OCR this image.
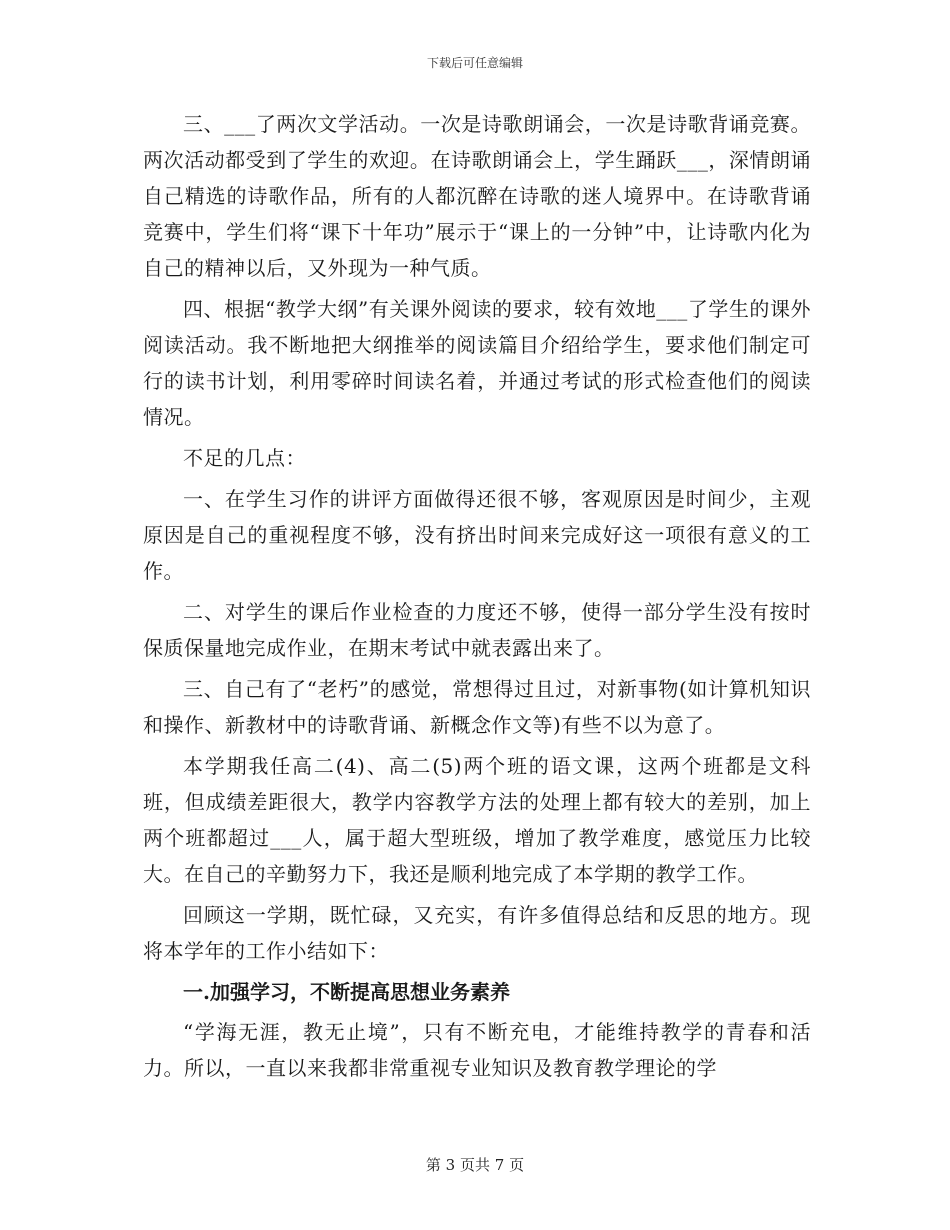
下载后可任意编辑

三、___了两次文学活动。一次是诗歌朗诵会，一次是诗歌背诵竞赛。两次活动都受到了学生的欢迎。在诗歌朗诵会上，学生踊跃___，深情朗诵自己精选的诗歌作品，所有的人都沉醉在诗歌的迷人境界中。在诗歌背诵竞赛中，学生们将“课下十年功”展示于“课上的一分钟”中，让诗歌内化为自己的精神以后，又外现为一种气质。

四、根据“教学大纲”有关课外阅读的要求，较有效地___了学生的课外阅读活动。我不断地把大纲推举的阅读篇目介绍给学生，要求他们制定可行的读书计划，利用零碎时间读名着，并通过考试的形式检查他们的阅读情况。

不足的几点：

一、在学生习作的讲评方面做得还很不够，客观原因是时间少，主观原因是自己的重视程度不够，没有挤出时间来完成好这一项很有意义的工作。

二、对学生的课后作业检查的力度还不够，使得一部分学生没有按时保质保量地完成作业，在期末考试中就表露出来了。

三、自己有了“老朽”的感觉，常想得过且过，对新事物(如计算机知识和操作、新教材中的诗歌背诵、新概念作文等)有些不以为意了。

本学期我任高二(4)、高二(5)两个班的语文课，这两个班都是文科班，但成绩差距很大，教学内容教学方法的处理上都有较大的差别，加上两个班都超过___人，属于超大型班级，增加了教学难度，感觉压力比较大。在自己的辛勤努力下，我还是顺利地完成了本学期的教学工作。

回顾这一学期，既忙碌，又充实，有许多值得总结和反思的地方。现将本学年的工作小结如下：

一.加强学习，不断提高思想业务素养

“学海无涯，教无止境”，只有不断充电，才能维持教学的青春和活力。所以，一直以来我都非常重视专业知识及教育教学理论的学

第 3 页共 7 页
